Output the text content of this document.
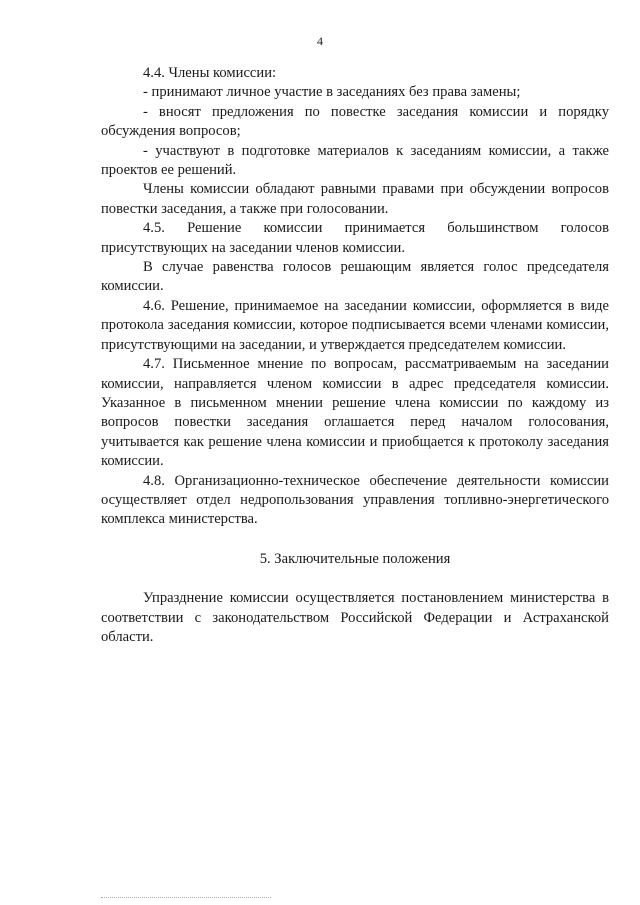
4

4.4. Члены комиссии:

- принимают личное участие в заседаниях без права замены;

- вносят предложения по повестке заседания комиссии и порядку обсуждения вопросов;

- участвуют в подготовке материалов к заседаниям комиссии, а также проектов ее решений.

Члены комиссии обладают равными правами при обсуждении вопросов повестки заседания, а также при голосовании.

4.5. Решение комиссии принимается большинством голосов присутствующих на заседании членов комиссии.

В случае равенства голосов решающим является голос председателя комиссии.

4.6. Решение, принимаемое на заседании комиссии, оформляется в виде протокола заседания комиссии, которое подписывается всеми членами комиссии, присутствующими на заседании, и утверждается председателем комиссии.

4.7. Письменное мнение по вопросам, рассматриваемым на заседании комиссии, направляется членом комиссии в адрес председателя комиссии. Указанное в письменном мнении решение члена комиссии по каждому из вопросов повестки заседания оглашается перед началом голосования, учитывается как решение члена комиссии и приобщается к протоколу заседания комиссии.

4.8. Организационно-техническое обеспечение деятельности комиссии осуществляет отдел недропользования управления топливно-энергетического комплекса министерства.

5. Заключительные положения

Упразднение комиссии осуществляется постановлением министерства в соответствии с законодательством Российской Федерации и Астраханской области.
